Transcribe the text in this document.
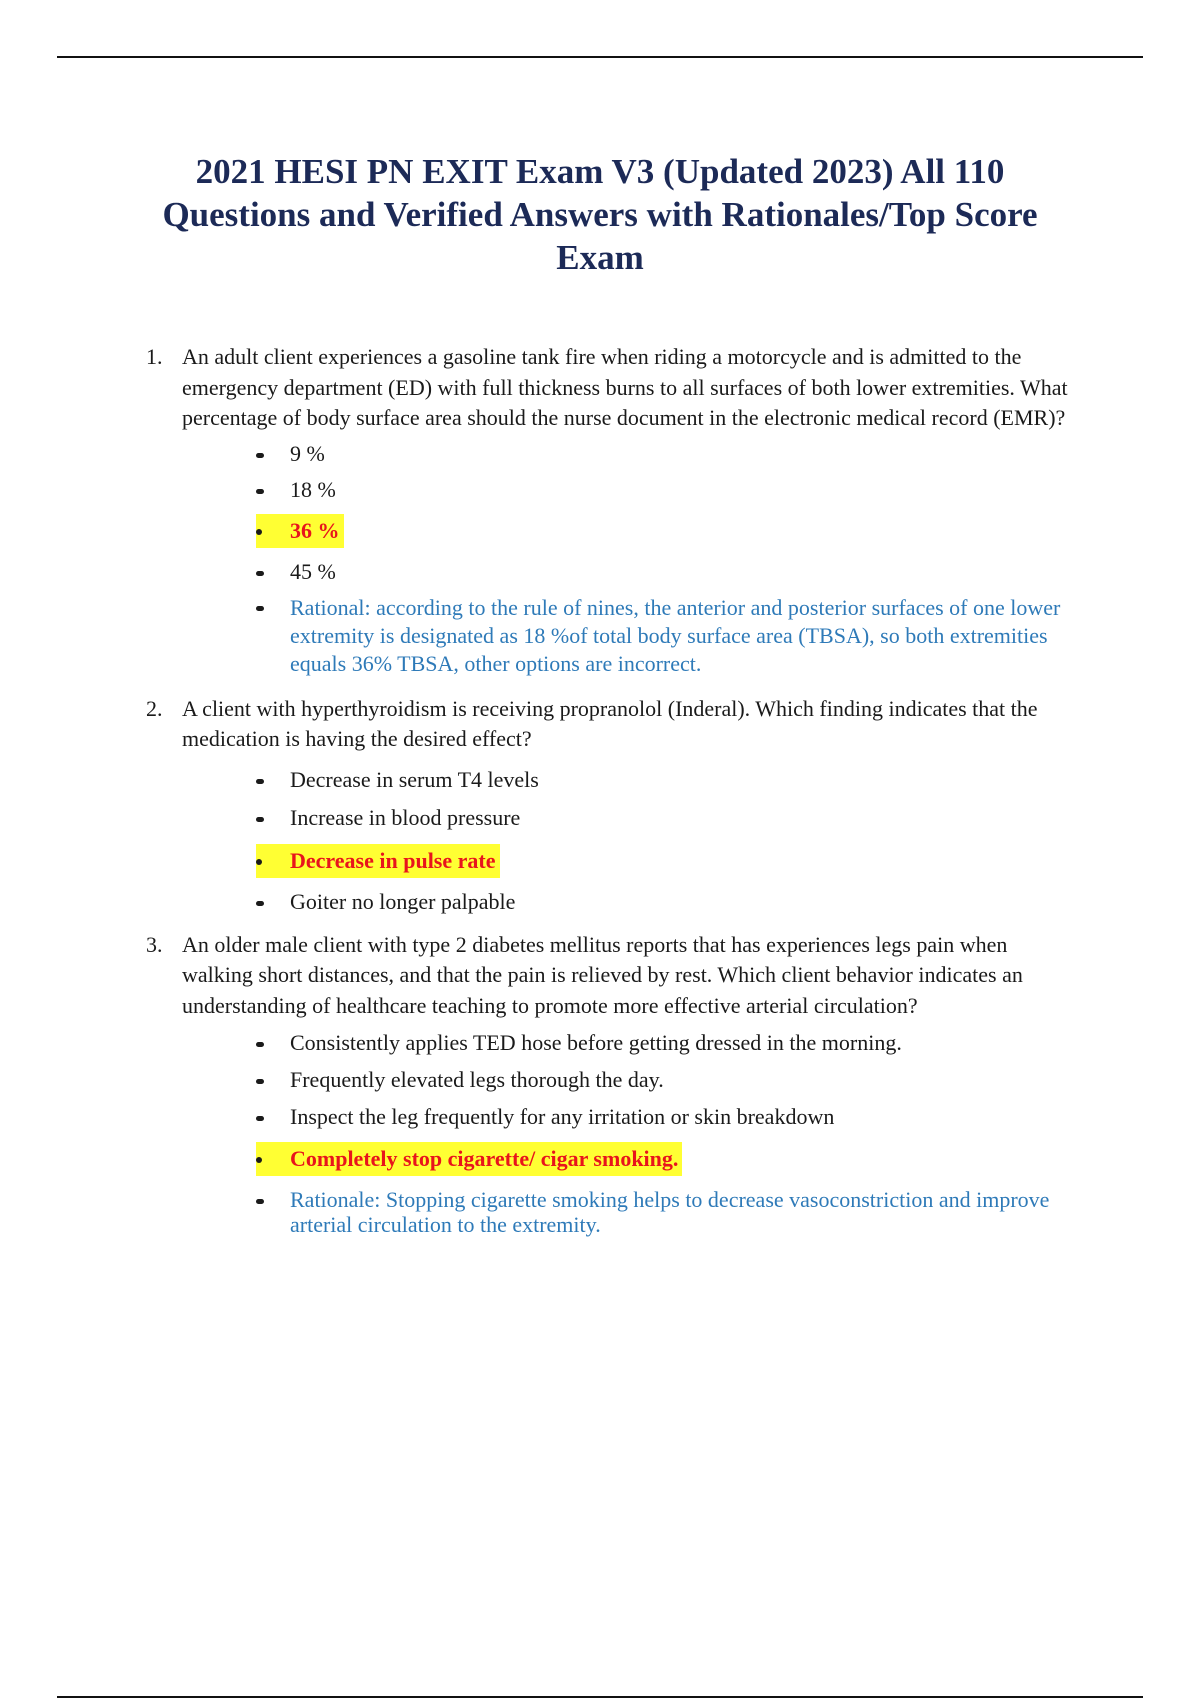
2021 HESI PN EXIT Exam V3 (Updated 2023) All 110 Questions and Verified Answers with Rationales/Top Score Exam
1. An adult client experiences a gasoline tank fire when riding a motorcycle and is admitted to the emergency department (ED) with full thickness burns to all surfaces of both lower extremities. What percentage of body surface area should the nurse document in the electronic medical record (EMR)?
9 %
18 %
36 %
45 %
Rational: according to the rule of nines, the anterior and posterior surfaces of one lower extremity is designated as 18 %of total body surface area (TBSA), so both extremities equals 36% TBSA, other options are incorrect.
2. A client with hyperthyroidism is receiving propranolol (Inderal). Which finding indicates that the medication is having the desired effect?
Decrease in serum T4 levels
Increase in blood pressure
Decrease in pulse rate
Goiter no longer palpable
3. An older male client with type 2 diabetes mellitus reports that has experiences legs pain when walking short distances, and that the pain is relieved by rest. Which client behavior indicates an understanding of healthcare teaching to promote more effective arterial circulation?
Consistently applies TED hose before getting dressed in the morning.
Frequently elevated legs thorough the day.
Inspect the leg frequently for any irritation or skin breakdown
Completely stop cigarette/ cigar smoking.
Rationale: Stopping cigarette smoking helps to decrease vasoconstriction and improve arterial circulation to the extremity.
